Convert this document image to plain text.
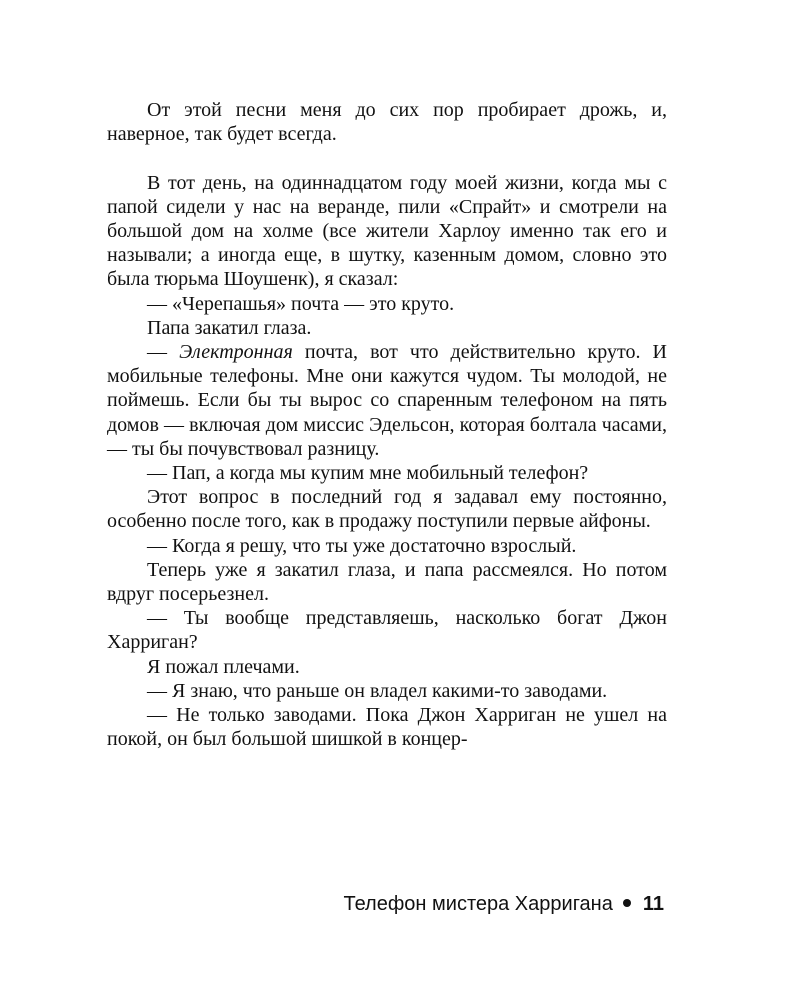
От этой песни меня до сих пор пробирает дрожь, и, наверное, так будет всегда.

В тот день, на одиннадцатом году моей жизни, когда мы с папой сидели у нас на веранде, пили «Спрайт» и смотрели на большой дом на холме (все жители Харлоу именно так его и называли; а иногда еще, в шутку, казенным домом, словно это была тюрьма Шоушенк), я сказал:

— «Черепашья» почта — это круто.

Папа закатил глаза.

— Электронная почта, вот что действительно круто. И мобильные телефоны. Мне они кажутся чудом. Ты молодой, не поймешь. Если бы ты вырос со спаренным телефоном на пять домов — включая дом миссис Эдельсон, которая болтала часами, — ты бы почувствовал разницу.

— Пап, а когда мы купим мне мобильный телефон?

Этот вопрос в последний год я задавал ему постоянно, особенно после того, как в продажу поступили первые айфоны.

— Когда я решу, что ты уже достаточно взрослый.

Теперь уже я закатил глаза, и папа рассмеялся. Но потом вдруг посерьезнел.

— Ты вообще представляешь, насколько богат Джон Харриган?

Я пожал плечами.

— Я знаю, что раньше он владел какими-то заводами.

— Не только заводами. Пока Джон Харриган не ушел на покой, он был большой шишкой в концер-

Телефон мистера Харригана 11
